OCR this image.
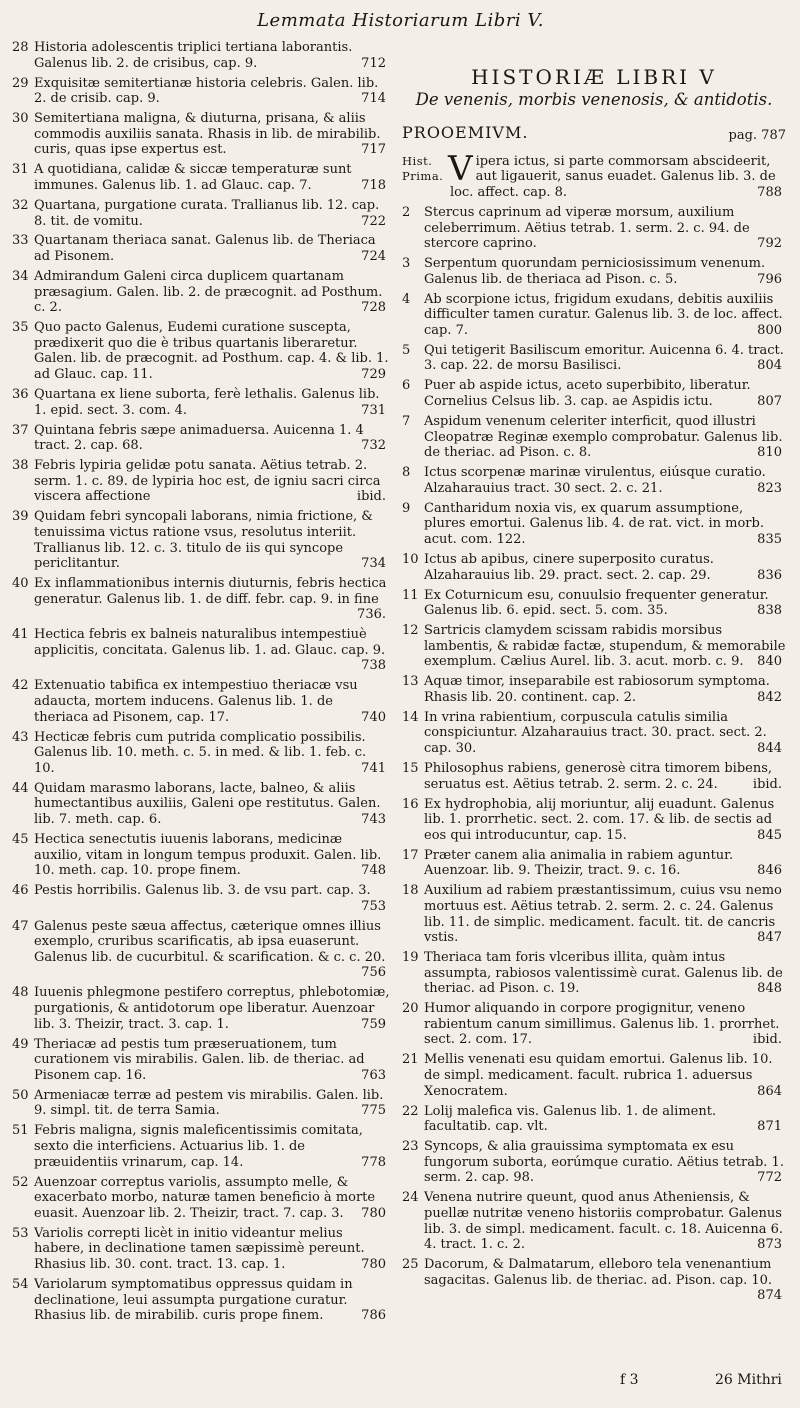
Lemmata Historiarum Libri V.
28 Historia adolescentis triplici tertiana laborantis. Galenus lib. 2. de crisibus, cap. 9.	712
29 Exquisitæ semitertianæ historia celebris. Galen. lib. 2. de crisib. cap. 9.	714
30 Semitertiana maligna, & diuturna, prisana, & aliis commodis auxiliis sanata. Rhasis in lib. de mirabilib. curis, quas ipse expertus est.	717
31 A quotidiana, calidæ & siccæ temperaturæ sunt immunes. Galenus lib. 1. ad Glauc. cap. 7.	718
32 Quartana, purgatione curata. Trallianus lib. 12. cap. 8. tit. de vomitu.	722
33 Quartanam theriaca sanat. Galenus lib. de Theriaca ad Pisonem.	724
34 Admirandum Galeni circa duplicem quartanam præsagium. Galen. lib. 2. de præcognit. ad Posthum. c. 2.	728
35 Quo pacto Galenus, Eudemi curatione suscepta, prædixerit quo die è tribus quartanis liberaretur. Galen. lib. de præcognit. ad Posthum. cap. 4. & lib. 1. ad Glauc. cap. 11.	729
36 Quartana ex liene suborta, ferè lethalis. Galenus lib. 1. epid. sect. 3. com. 4.	731
37 Quintana febris sæpe animaduersa. Auicenna 1. 4 tract. 2. cap. 68.	732
38 Febris lypiria gelidæ potu sanata. Aëtius tetrab. 2. serm. 1. c. 89. de lypiria hoc est, de igniu sacri circa viscera affectione	ibid.
39 Quidam febri syncopali laborans, nimia frictione, & tenuissima victus ratione vsus, resolutus interiit. Trallianus lib. 12. c. 3. titulo de iis qui syncope periclitantur.	734
40 Ex inflammationibus internis diuturnis, febris hectica generatur. Galenus lib. 1. de diff. febr. cap. 9. in fine
736.
41 Hectica febris ex balneis naturalibus intempestiuè applicitis, concitata. Galenus lib. 1. ad. Glauc. cap. 9.
738
42 Extenuatio tabifica ex intempestiuo theriacæ vsu adaucta, mortem inducens. Galenus lib. 1. de theriaca ad Pisonem, cap. 17.	740
43 Hecticæ febris cum putrida complicatio possibilis. Galenus lib. 10. meth. c. 5. in med. & lib. 1. feb. c. 10.	741
44 Quidam marasmo laborans, lacte, balneo, & aliis humectantibus auxiliis, Galeni ope restitutus. Galen. lib. 7. meth. cap. 6.	743
45 Hectica senectutis iuuenis laborans, medicinæ auxilio, vitam in longum tempus produxit. Galen. lib. 10. meth. cap. 10. prope finem.	748
46 Pestis horribilis. Galenus lib. 3. de vsu part. cap. 3.
753
47 Galenus peste sæua affectus, cæterique omnes illius exemplo, cruribus scarificatis, ab ipsa euaserunt. Galenus lib. de cucurbitul. & scarification. & c. c. 20.
756
48 Iuuenis phlegmone pestifero correptus, phlebotomiæ, purgationis, & antidotorum ope liberatur. Auenzoar lib. 3. Theizir, tract. 3. cap. 1.	759
49 Theriacæ ad pestis tum præseruationem, tum curationem vis mirabilis. Galen. lib. de theriac. ad Pisonem cap. 16.	763
50 Armeniacæ terræ ad pestem vis mirabilis. Galen. lib. 9. simpl. tit. de terra Samia.	775
51 Febris maligna, signis maleficentissimis comitata, sexto die interficiens. Actuarius lib. 1. de præuidentiis vrinarum, cap. 14.	778
52 Auenzoar correptus variolis, assumpto melle, & exacerbato morbo, naturæ tamen beneficio à morte euasit. Auenzoar lib. 2. Theizir, tract. 7. cap. 3. 780
53 Variolis correpti licèt in initio videantur melius habere, in declinatione tamen sæpissimè pereunt. Rhasius lib. 30. cont. tract. 13. cap. 1.	780
54 Variolarum symptomatibus oppressus quidam in declinatione, leui assumpta purgatione curatur. Rhasius lib. de mirabilib. curis prope finem.	786
HISTORIÆ LIBRI V
De venenis, morbis venenosis, & antidotis.
PROOEMIVM.	pag. 787
Hist.
Prima. V ipera ictus, si parte commorsam abscideerit, aut ligauerit, sanus euadet. Galenus lib. 3. de loc. affect. cap. 8.	788
2	Stercus caprinum ad viperæ morsum, auxilium celeberrimum. Aëtius tetrab. 1. serm. 2. c. 94. de stercore caprino.	792
3	Serpentum quorundam perniciosissimum venenum. Galenus lib. de theriaca ad Pison. c. 5.	796
4	Ab scorpione ictus, frigidum exudans, debitis auxiliis difficulter tamen curatur. Galenus lib. 3. de loc. affect. cap. 7.	800
5	Qui tetigerit Basiliscum emoritur. Auicenna 6. 4. tract. 3. cap. 22. de morsu Basilisci.	804
6	Puer ab aspide ictus, aceto superbibito, liberatur. Cornelius Celsus lib. 3. cap. ae Aspidis ictu.	807
7	Aspidum venenum celeriter interficit, quod illustri Cleopatræ Reginæ exemplo comprobatur. Galenus lib. de theriac. ad Pison. c. 8.	810
8	Ictus scorpenæ marinæ virulentus, eiúsque curatio. Alzaharauius tract. 30 sect. 2. c. 21.	823
9	Cantharidum noxia vis, ex quarum assumptione, plures emortui. Galenus lib. 4. de rat. vict. in morb. acut. com. 122.	835
10 Ictus ab apibus, cinere superposito curatus. Alzaharauius lib. 29. pract. sect. 2. cap. 29.	836
11 Ex Coturnicum esu, conuulsio frequenter generatur. Galenus lib. 6. epid. sect. 5. com. 35.	838
12 Sartricis clamydem scissam rabidis morsibus lambentis, & rabidæ factæ, stupendum, & memorabile exemplum. Cælius Aurel. lib. 3. acut. morb. c. 9. 840
13 Aquæ timor, inseparabile est rabiosorum symptoma. Rhasis lib. 20. continent. cap. 2.	842
14 In vrina rabientium, corpuscula catulis similia conspiciuntur. Alzaharauius tract. 30. pract. sect. 2. cap. 30.	844
15 Philosophus rabiens, generosè citra timorem bibens, seruatus est. Aëtius tetrab. 2. serm. 2. c. 24.	ibid.
16 Ex hydrophobia, alij moriuntur, alij euadunt. Galenus lib. 1. prorrhetic. sect. 2. com. 17. & lib. de sectis ad eos qui introducuntur, cap. 15.	845
17 Præter canem alia animalia in rabiem aguntur. Auenzoar. lib. 9. Theizir, tract. 9. c. 16.	846
18 Auxilium ad rabiem præstantissimum, cuius vsu nemo mortuus est. Aëtius tetrab. 2. serm. 2. c. 24. Galenus lib. 11. de simplic. medicament. facult. tit. de cancris vstis.	847
19 Theriaca tam foris vlceribus illita, quàm intus assumpta, rabiosos valentissimè curat. Galenus lib. de theriac. ad Pison. c. 19.	848
20 Humor aliquando in corpore progignitur, veneno rabientum canum simillimus. Galenus lib. 1. prorrhet. sect. 2. com. 17.	ibid.
21 Mellis venenati esu quidam emortui. Galenus lib. 10. de simpl. medicament. facult. rubrica 1. aduersus Xenocratem.	864
22 Lolij malefica vis. Galenus lib. 1. de aliment. facultatib. cap. vlt.	871
23 Syncops, & alia grauissima symptomata ex esu fungorum suborta, eorúmque curatio. Aëtius tetrab. 1. serm. 2. cap. 98.	772
24 Venena nutrire queunt, quod anus Atheniensis, & puellæ nutritæ veneno historiis comprobatur. Galenus lib. 3. de simpl. medicament. facult. c. 18. Auicenna 6. 4. tract. 1. c. 2.	873
25 Dacorum, & Dalmatarum, elleboro tela venenantium sagacitas. Galenus lib. de theriac. ad. Pison. cap. 10.
874
f 3	26 Mithri
